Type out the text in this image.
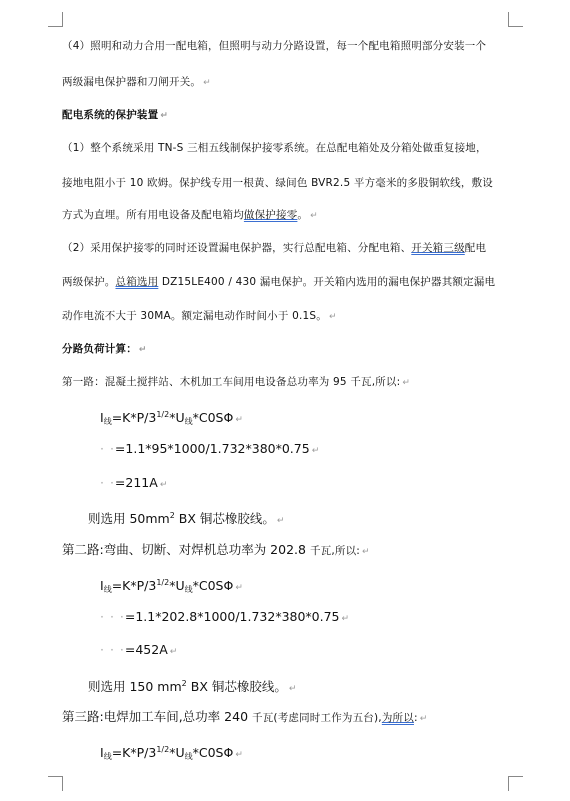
（4）照明和动力合用一配电箱，但照明与动力分路设置，每一个配电箱照明部分安装一个
两级漏电保护器和刀闸开关。 ↵
配电系统的保护装置 ↵
（1）整个系统采用 TN-S 三相五线制保护接零系统。在总配电箱处及分箱处做重复接地，
接地电阻小于 10 欧姆。保护线专用一根黄、绿间色 BVR2.5 平方毫米的多股铜软线，敷设
方式为直埋。所有用电设备及配电箱均做保护接零。 ↵
（2）采用保护接零的同时还设置漏电保护器，实行总配电箱、分配电箱、开关箱三级配电
两级保护。总箱选用 DZ15LE400 / 430 漏电保护。开关箱内选用的漏电保护器其额定漏电
动作电流不大于 30MA。额定漏电动作时间小于 0.1S。 ↵
分路负荷计算： ↵
第一路：混凝土搅拌站、木机加工车间用电设备总功率为 95 千瓦,所以: ↵
$I_线=K*P/3^{1/2}*U_线*C0S\Phi$ ↵
· ·=1.1*95*1000/1.732*380*0.75 ↵
· ·=211A ↵
则选用 $50mm^2$ BX 铜芯橡胶线。 ↵
第二路:弯曲、切断、对焊机总功率为 202.8 千瓦,所以: ↵
$I_线=K*P/3^{1/2}*U_线*C0S\Phi$ ↵
· · ·=1.1*202.8*1000/1.732*380*0.75 ↵
· · ·=452A ↵
则选用 150 $mm^2$ BX 铜芯橡胶线。 ↵
第三路:电焊加工车间,总功率 240 千瓦(考虑同时工作为五台),为所以: ↵
$I_线=K*P/3^{1/2}*U_线*C0S\Phi$ ↵
